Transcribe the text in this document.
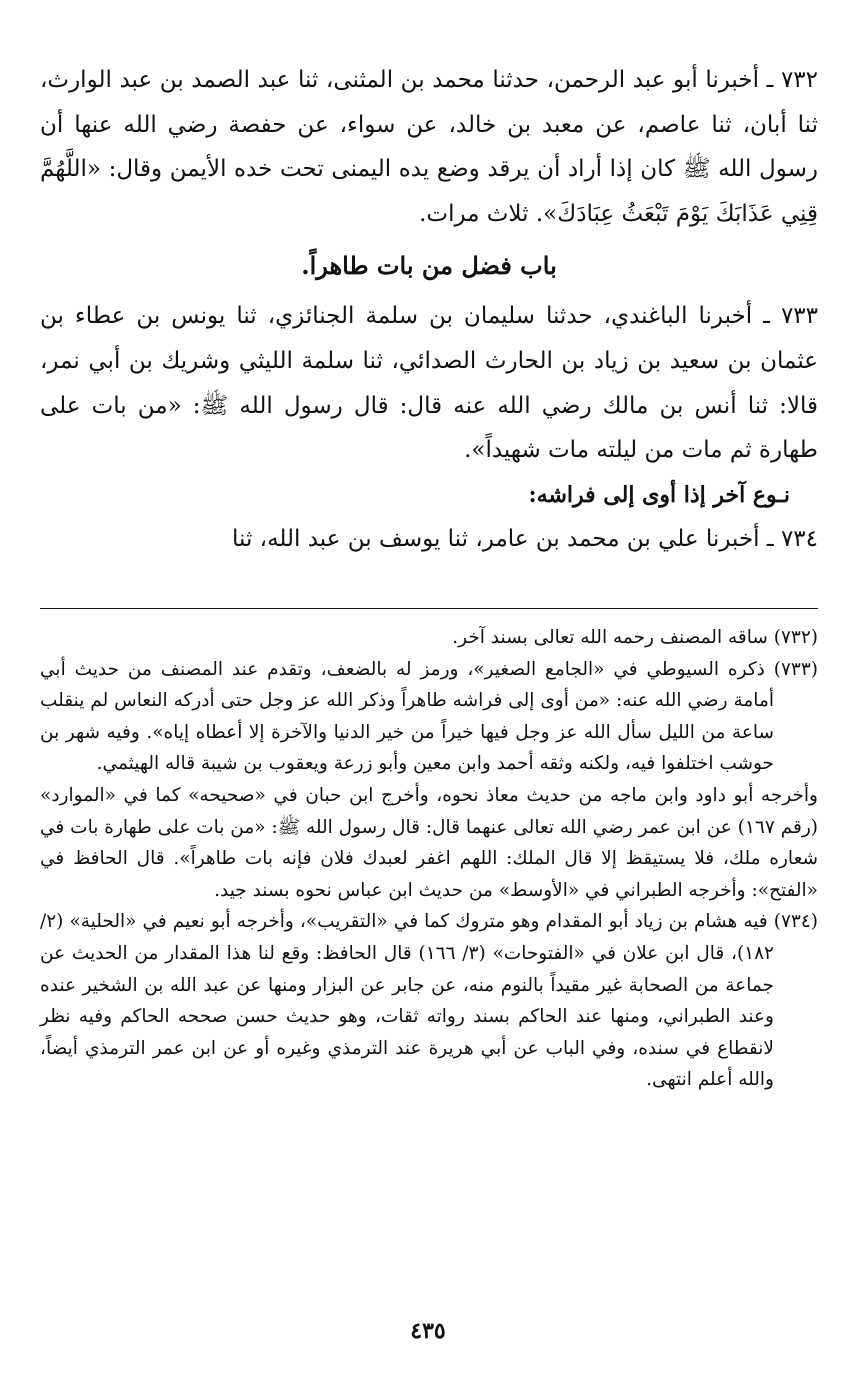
٧٣٢ ـ أخبرنا أبو عبد الرحمن، حدثنا محمد بن المثنى، ثنا عبد الصمد بن عبد الوارث، ثنا أبان، ثنا عاصم، عن معبد بن خالد، عن سواء، عن حفصة رضي الله عنها أن رسول الله ﷺ كان إذا أراد أن يرقد وضع يده اليمنى تحت خده الأيمن وقال: «اللَّهُمَّ قِنِي عَذَابَكَ يَوْمَ تَبْعَثُ عِبَادَكَ». ثلاث مرات.

باب فضل من بات طاهراً.

٧٣٣ ـ أخبرنا الباغندي، حدثنا سليمان بن سلمة الجنائزي، ثنا يونس بن عطاء بن عثمان بن سعيد بن زياد بن الحارث الصدائي، ثنا سلمة الليثي وشريك بن أبي نمر، قالا: ثنا أنس بن مالك رضي الله عنه قال: قال رسول الله ﷺ: «من بات على طهارة ثم مات من ليلته مات شهيداً».

نـوع آخر إذا أوى إلى فراشه:

٧٣٤ ـ أخبرنا علي بن محمد بن عامر، ثنا يوسف بن عبد الله، ثنا

(٧٣٢) ساقه المصنف رحمه الله تعالى بسند آخر.

(٧٣٣) ذكره السيوطي في «الجامع الصغير»، ورمز له بالضعف، وتقدم عند المصنف من حديث أبي أمامة رضي الله عنه: «من أوى إلى فراشه طاهراً وذكر الله عز وجل حتى أدركه النعاس لم ينقلب ساعة من الليل سأل الله عز وجل فيها خيراً من خير الدنيا والآخرة إلا أعطاه إياه». وفيه شهر بن حوشب اختلفوا فيه، ولكنه وثقه أحمد وابن معين وأبو زرعة ويعقوب بن شيبة قاله الهيثمي.

وأخرجه أبو داود وابن ماجه من حديث معاذ نحوه، وأخرج ابن حبان في «صحيحه» كما في «الموارد» (رقم ١٦٧) عن ابن عمر رضي الله تعالى عنهما قال: قال رسول الله ﷺ: «من بات على طهارة بات في شعاره ملك، فلا يستيقظ إلا قال الملك: اللهم اغفر لعبدك فلان فإنه بات طاهراً». قال الحافظ في «الفتح»: وأخرجه الطبراني في «الأوسط» من حديث ابن عباس نحوه بسند جيد.

(٧٣٤) فيه هشام بن زياد أبو المقدام وهو متروك كما في «التقريب»، وأخرجه أبو نعيم في «الحلية» (٢/ ١٨٢)، قال ابن علان في «الفتوحات» (٣/ ١٦٦) قال الحافظ: وقع لنا هذا المقدار من الحديث عن جماعة من الصحابة غير مقيداً بالنوم منه، عن جابر عن البزار ومنها عن عبد الله بن الشخير عنده وعند الطبراني، ومنها عند الحاكم بسند رواته ثقات، وهو حديث حسن صححه الحاكم وفيه نظر لانقطاع في سنده، وفي الباب عن أبي هريرة عند الترمذي وغيره أو عن ابن عمر الترمذي أيضاً، والله أعلم انتهى.

٤٣٥
